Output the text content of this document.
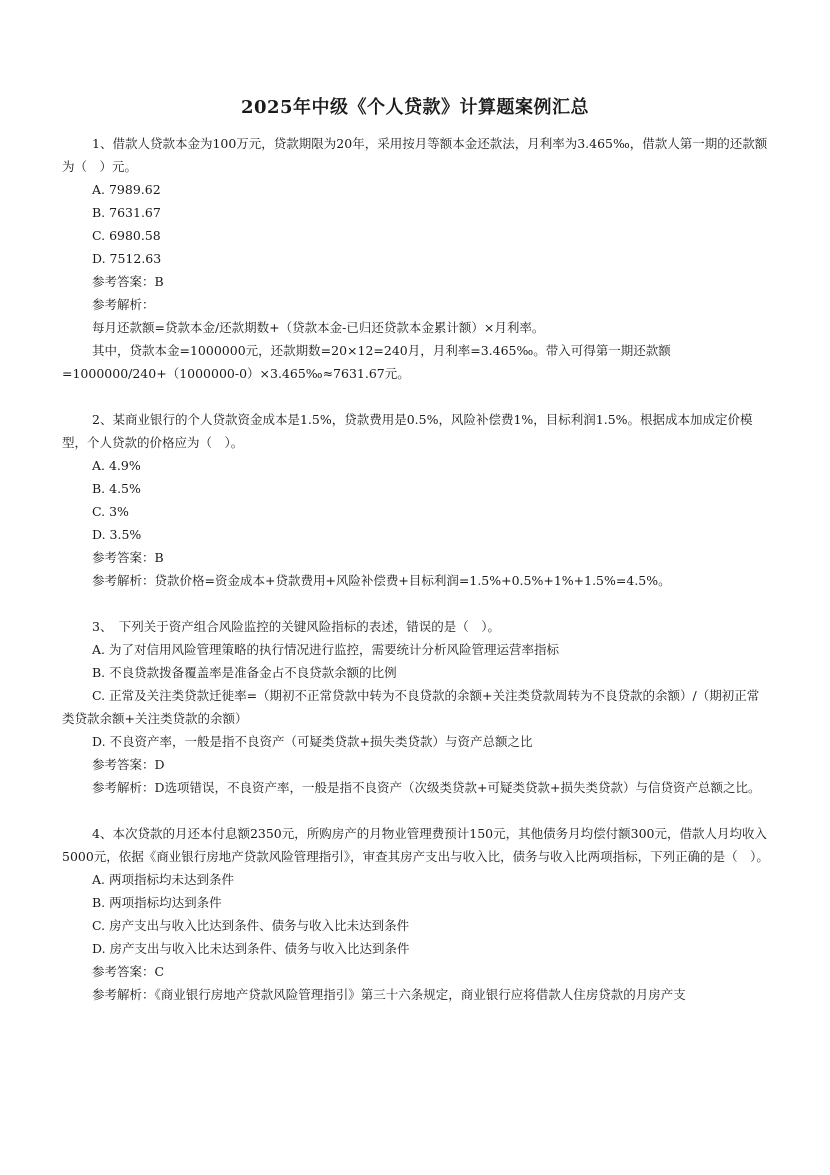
2025年中级《个人贷款》计算题案例汇总

1、借款人贷款本金为100万元，贷款期限为20年，采用按月等额本金还款法，月利率为3.465‰，借款人第一期的还款额为（　）元。

A. 7989.62

B. 7631.67

C. 6980.58

D. 7512.63

参考答案：B

参考解析：

每月还款额=贷款本金/还款期数+（贷款本金-已归还贷款本金累计额）×月利率。

其中，贷款本金=1000000元，还款期数=20×12=240月，月利率=3.465‰。带入可得第一期还款额=1000000/240+（1000000-0）×3.465‰≈7631.67元。

2、某商业银行的个人贷款资金成本是1.5%，贷款费用是0.5%，风险补偿费1%，目标利润1.5%。根据成本加成定价模型，个人贷款的价格应为（　）。

A. 4.9%

B. 4.5%

C. 3%

D. 3.5%

参考答案：B

参考解析：贷款价格=资金成本+贷款费用+风险补偿费+目标利润=1.5%+0.5%+1%+1.5%=4.5%。

3、　下列关于资产组合风险监控的关键风险指标的表述，错误的是（　）。

A. 为了对信用风险管理策略的执行情况进行监控，需要统计分析风险管理运营率指标

B. 不良贷款拨备覆盖率是准备金占不良贷款余额的比例

C. 正常及关注类贷款迁徙率=（期初不正常贷款中转为不良贷款的余额+关注类贷款周转为不良贷款的余额）/（期初正常类贷款余额+关注类贷款的余额）

D. 不良资产率，一般是指不良资产（可疑类贷款+损失类贷款）与资产总额之比

参考答案：D

参考解析：D选项错误，不良资产率，一般是指不良资产（次级类贷款+可疑类贷款+损失类贷款）与信贷资产总额之比。

4、本次贷款的月还本付息额2350元，所购房产的月物业管理费预计150元，其他债务月均偿付额300元，借款人月均收入5000元，依据《商业银行房地产贷款风险管理指引》，审查其房产支出与收入比，债务与收入比两项指标，下列正确的是（　）。

A. 两项指标均未达到条件

B. 两项指标均达到条件

C. 房产支出与收入比达到条件、债务与收入比未达到条件

D. 房产支出与收入比未达到条件、债务与收入比达到条件

参考答案：C

参考解析：《商业银行房地产贷款风险管理指引》第三十六条规定，商业银行应将借款人住房贷款的月房产支
